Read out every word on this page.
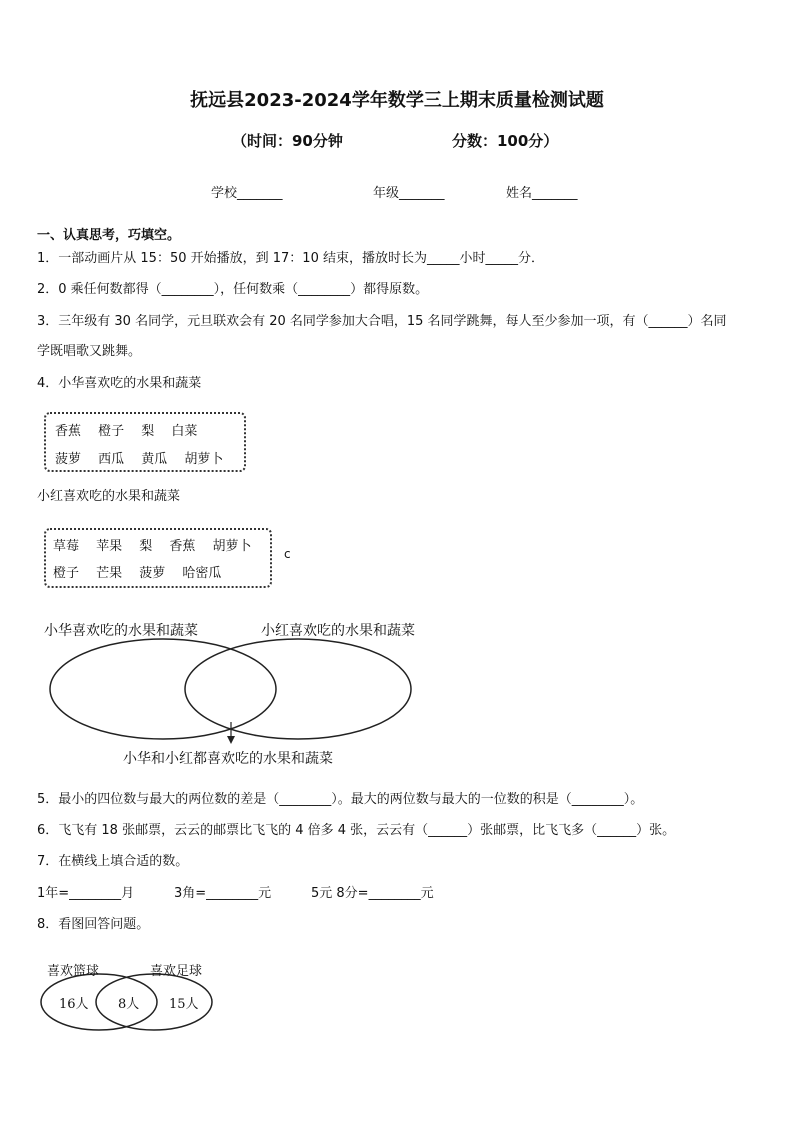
抚远县2023-2024学年数学三上期末质量检测试题
（时间：90分钟	分数：100分）
学校_______	年级_______	姓名_______
一、认真思考，巧填空。
1．一部动画片从 15：50 开始播放，到 17：10 结束，播放时长为_____小时_____分．
2．0 乘任何数都得（________），任何数乘（________）都得原数。
3．三年级有 30 名同学，元旦联欢会有 20 名同学参加大合唱，15 名同学跳舞，每人至少参加一项，有（______）名同
学既唱歌又跳舞。
4．小华喜欢吃的水果和蔬菜
香蕉　 橙子　 梨　 白菜
菠萝　 西瓜　 黄瓜　 胡萝卜
小红喜欢吃的水果和蔬菜
草莓　 苹果　 梨　 香蕉　 胡萝卜
橙子　 芒果　 菠萝　 哈密瓜
c
小华喜欢吃的水果和蔬菜	小红喜欢吃的水果和蔬菜
小华和小红都喜欢吃的水果和蔬菜
5．最小的四位数与最大的两位数的差是（________）。最大的两位数与最大的一位数的积是（________）。
6．飞飞有 18 张邮票，云云的邮票比飞飞的 4 倍多 4 张，云云有（______）张邮票，比飞飞多（______）张。
7．在横线上填合适的数。
1年=________月	3角=________元	5元 8分=________元
8．看图回答问题。
喜欢篮球	喜欢足球
16人 8人 15人
